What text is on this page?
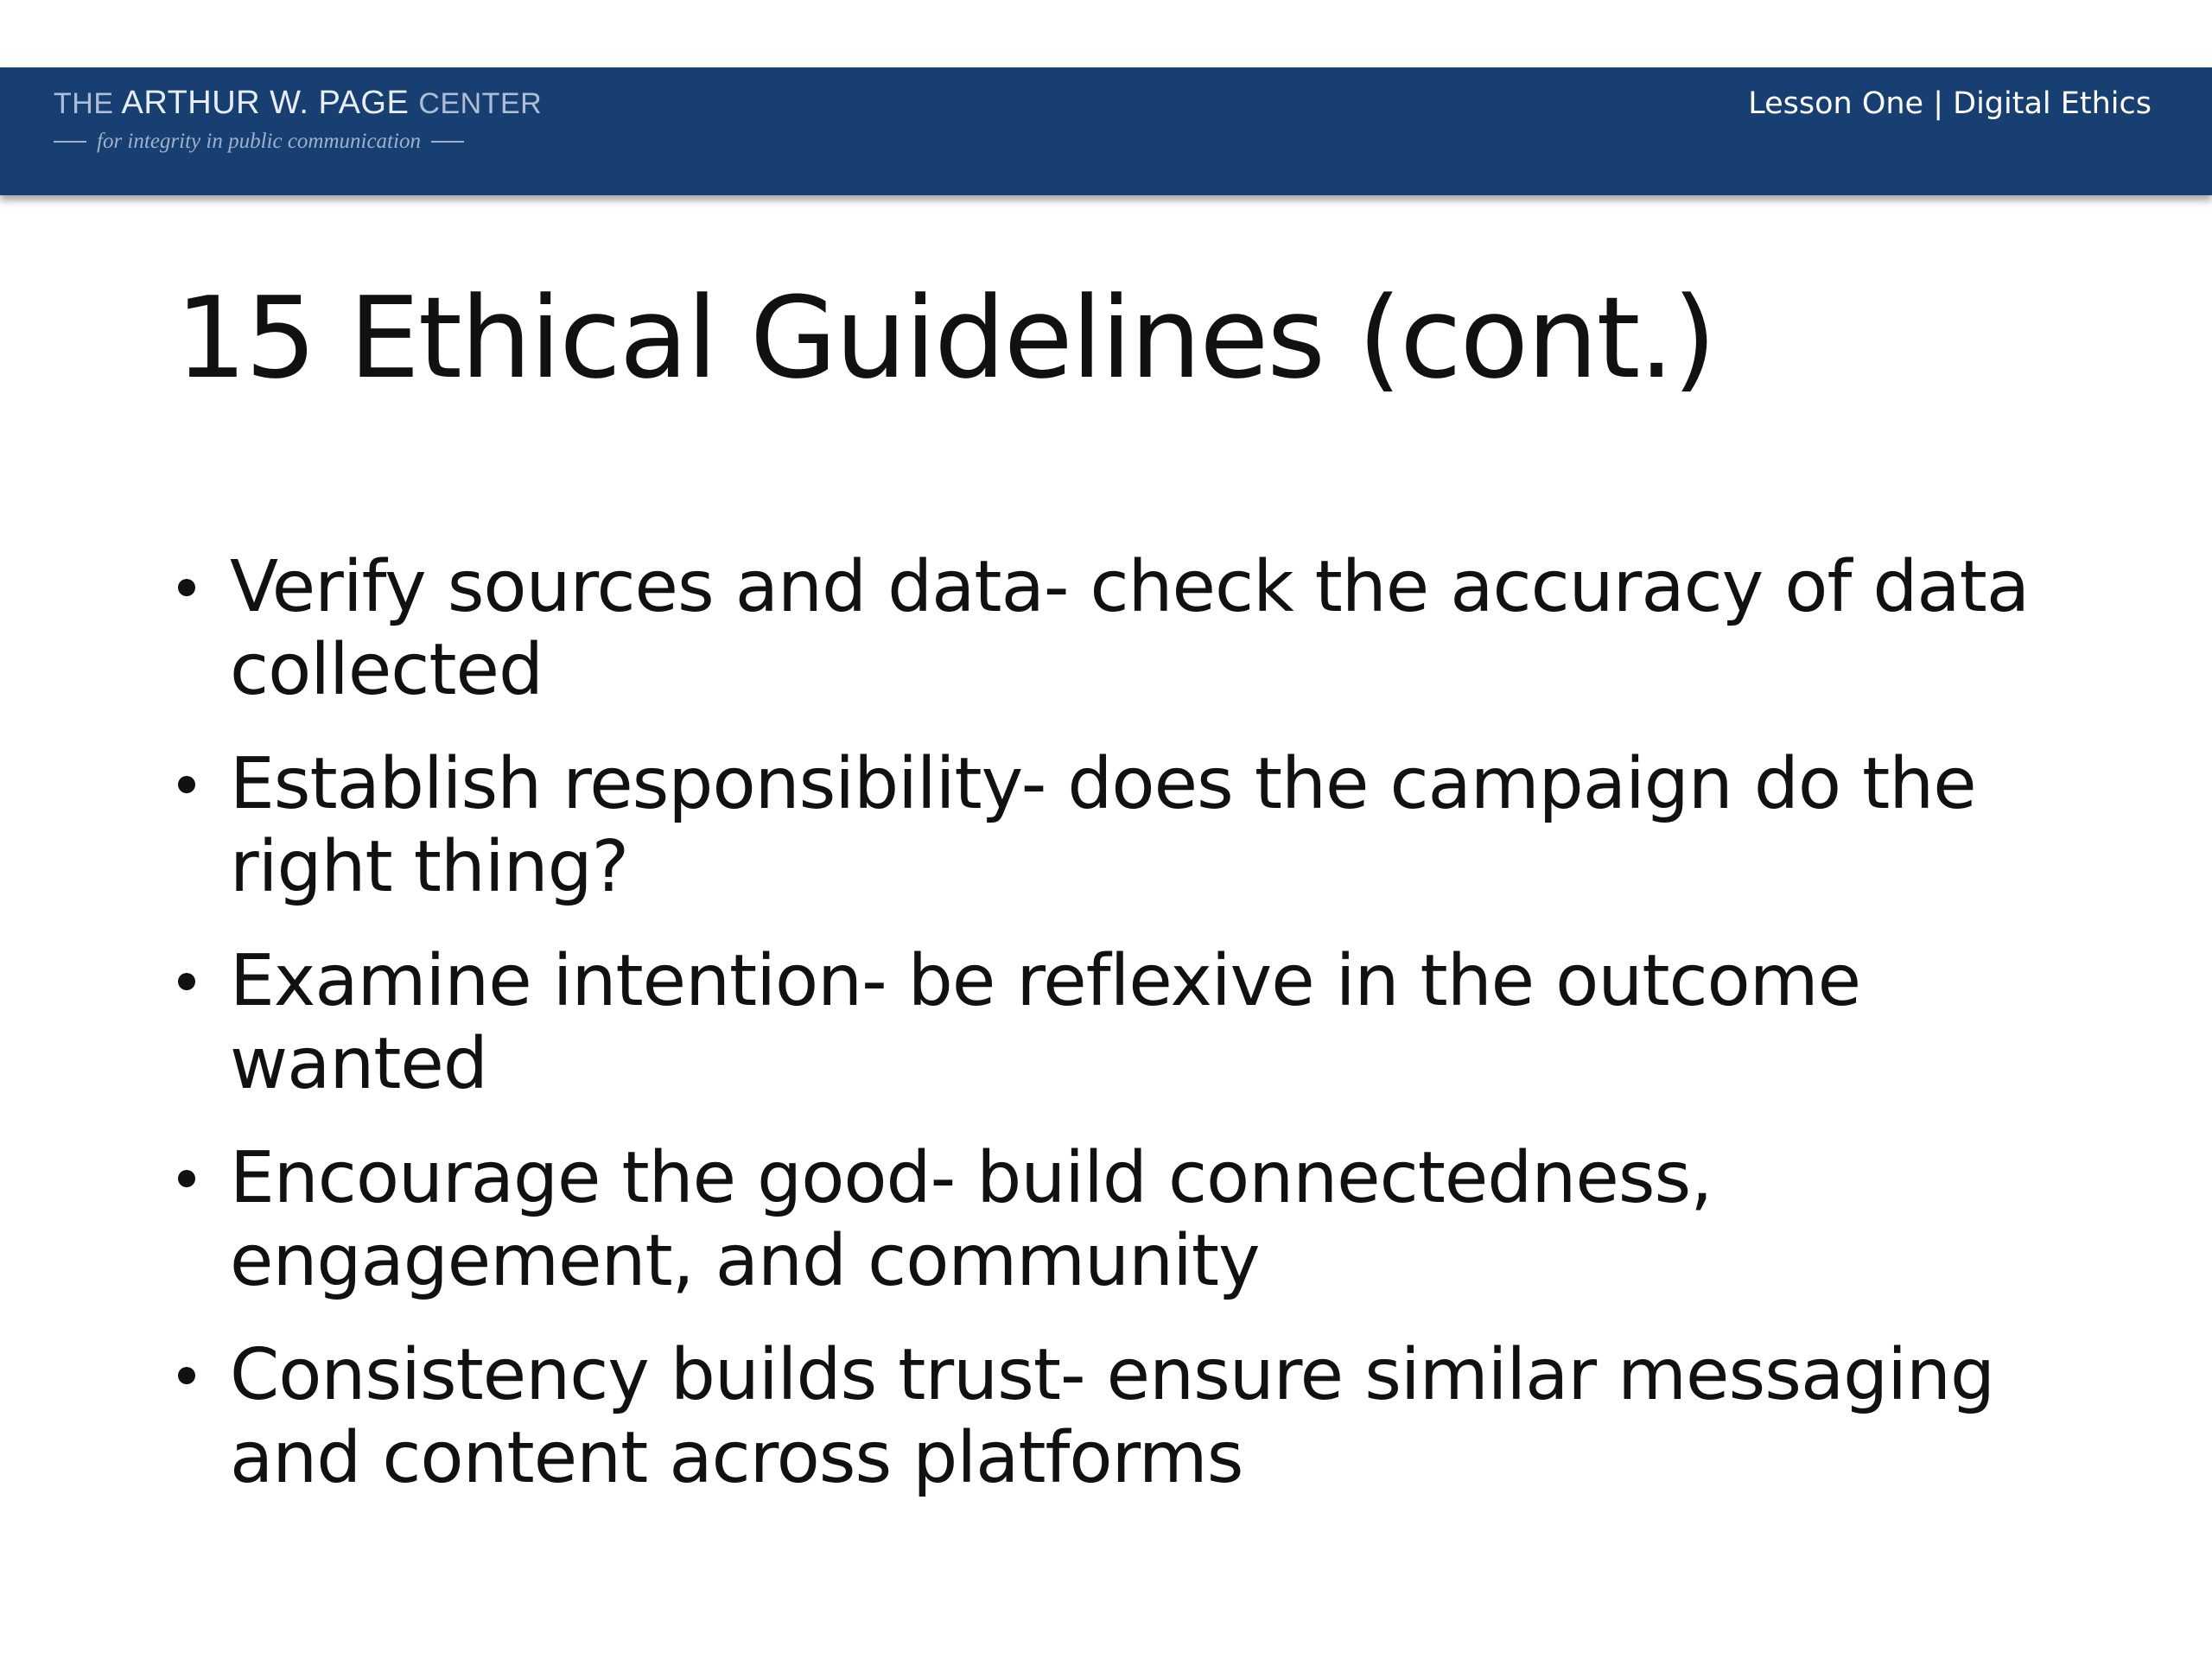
THE ARTHUR W. PAGE CENTER
for integrity in public communication
Lesson One | Digital Ethics
15 Ethical Guidelines (cont.)
Verify sources and data- check the accuracy of data collected
Establish responsibility- does the campaign do the right thing?
Examine intention- be reflexive in the outcome wanted
Encourage the good- build connectedness, engagement, and community
Consistency builds trust- ensure similar messaging and content across platforms
